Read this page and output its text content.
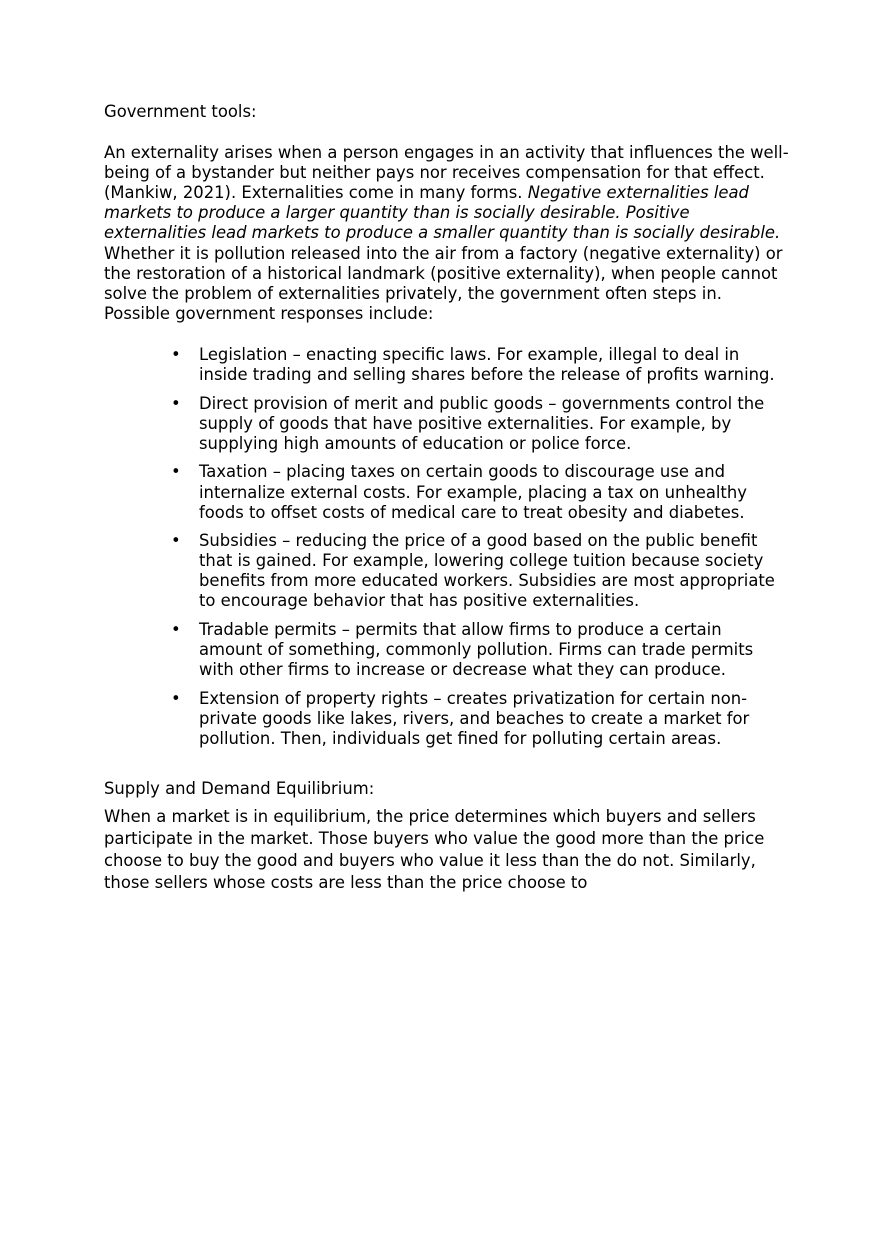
Government tools:

An externality arises when a person engages in an activity that influences the well-being of a bystander but neither pays nor receives compensation for that effect. (Mankiw, 2021). Externalities come in many forms. Negative externalities lead markets to produce a larger quantity than is socially desirable. Positive externalities lead markets to produce a smaller quantity than is socially desirable. Whether it is pollution released into the air from a factory (negative externality) or the restoration of a historical landmark (positive externality), when people cannot solve the problem of externalities privately, the government often steps in. Possible government responses include:

• Legislation – enacting specific laws. For example, illegal to deal in inside trading and selling shares before the release of profits warning.
• Direct provision of merit and public goods – governments control the supply of goods that have positive externalities. For example, by supplying high amounts of education or police force.
• Taxation – placing taxes on certain goods to discourage use and internalize external costs. For example, placing a tax on unhealthy foods to offset costs of medical care to treat obesity and diabetes.
• Subsidies – reducing the price of a good based on the public benefit that is gained. For example, lowering college tuition because society benefits from more educated workers. Subsidies are most appropriate to encourage behavior that has positive externalities.
• Tradable permits – permits that allow firms to produce a certain amount of something, commonly pollution. Firms can trade permits with other firms to increase or decrease what they can produce.
• Extension of property rights – creates privatization for certain non-private goods like lakes, rivers, and beaches to create a market for pollution. Then, individuals get fined for polluting certain areas.

Supply and Demand Equilibrium:

When a market is in equilibrium, the price determines which buyers and sellers participate in the market. Those buyers who value the good more than the price choose to buy the good and buyers who value it less than the do not. Similarly, those sellers whose costs are less than the price choose to
